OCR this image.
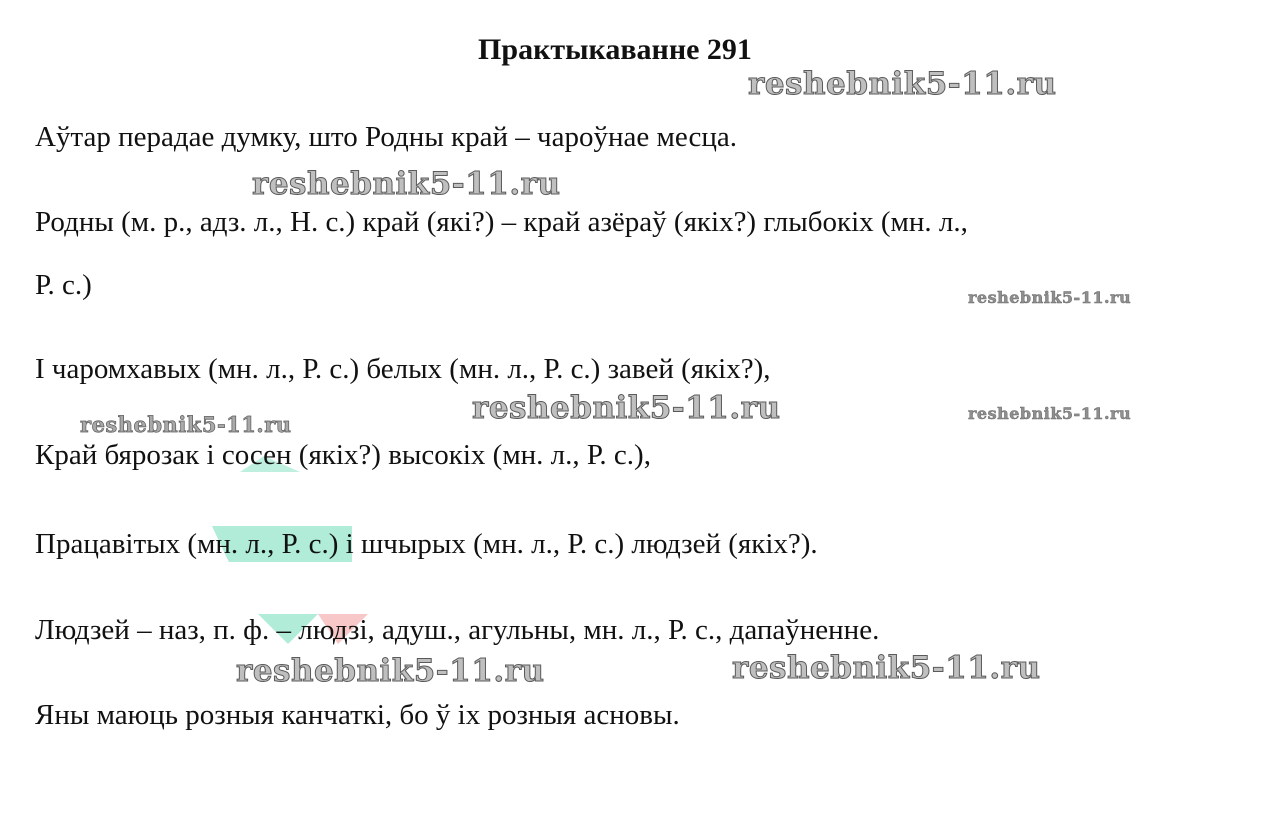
Практыкаванне 291
reshebnik5-11.ru
reshebnik5-11.ru
reshebnik5-11.ru
reshebnik5-11.ru
reshebnik5-11.ru	reshebnik5-11.ru
reshebnik5-11.ru	reshebnik5-11.ru
Аўтар перадае думку, што Родны край – чароўнае месца.
Родны (м. р., адз. л., Н. с.) край (які?) – край азёраў (якіх?) глыбокіх (мн. л.,
Р. с.)
І чаромхавых (мн. л., Р. с.) белых (мн. л., Р. с.) завей (якіх?),
Край бярозак і сосен (якіх?) высокіх (мн. л., Р. с.),
Працавітых (мн. л., Р. с.) і шчырых (мн. л., Р. с.) людзей (якіх?).
Людзей – наз, п. ф. – людзі, адуш., агульны, мн. л., Р. с., дапаўненне.
Яны маюць розныя канчаткі, бо ў іх розныя асновы.
